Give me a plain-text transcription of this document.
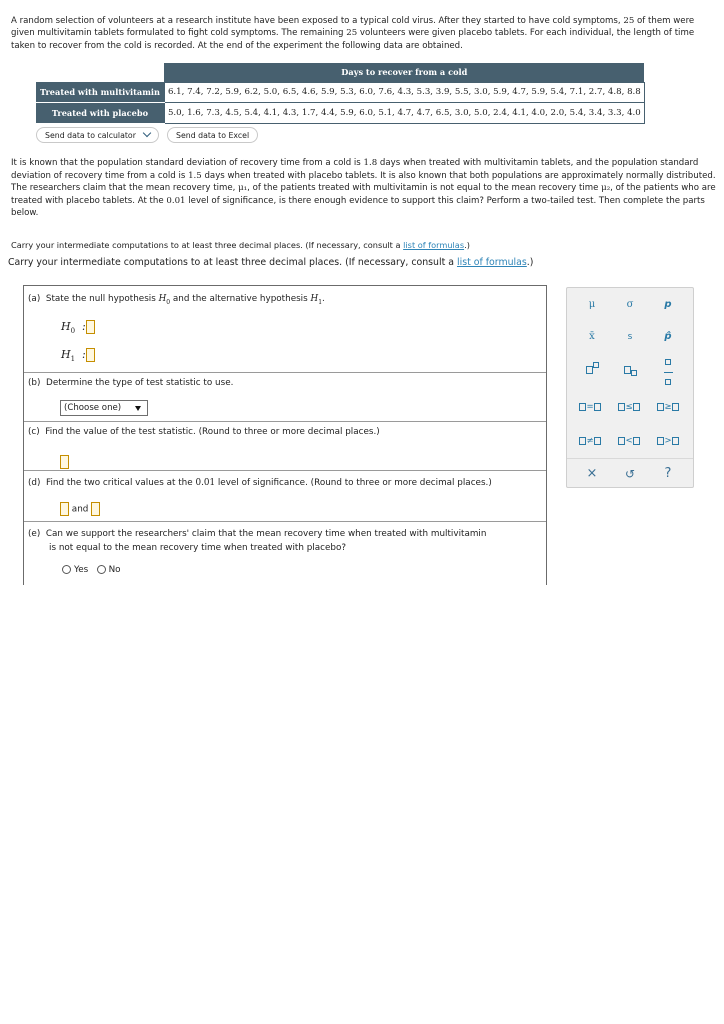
A random selection of volunteers at a research institute have been exposed to a typical cold virus. After they started to have cold symptoms, 25 of them were given multivitamin tablets formulated to fight cold symptoms. The remaining 25 volunteers were given placebo tablets. For each individual, the length of time taken to recover from the cold is recorded. At the end of the experiment the following data are obtained.
	Days to recover from a cold
Treated with multivitamin	6.1, 7.4, 7.2, 5.9, 6.2, 5.0, 6.5, 4.6, 5.9, 5.3, 6.0, 7.6, 4.3, 5.3, 3.9, 5.5, 3.0, 5.9, 4.7, 5.9, 5.4, 7.1, 2.7, 4.8, 8.8
Treated with placebo	5.0, 1.6, 7.3, 4.5, 5.4, 4.1, 4.3, 1.7, 4.4, 5.9, 6.0, 5.1, 4.7, 4.7, 6.5, 3.0, 5.0, 2.4, 4.1, 4.0, 2.0, 5.4, 3.4, 3.3, 4.0
Send data to calculator	Send data to Excel
It is known that the population standard deviation of recovery time from a cold is 1.8 days when treated with multivitamin tablets, and the population standard deviation of recovery time from a cold is 1.5 days when treated with placebo tablets. It is also known that both populations are approximately normally distributed. The researchers claim that the mean recovery time, μ₁, of the patients treated with multivitamin is not equal to the mean recovery time μ₂, of the patients who are treated with placebo tablets. At the 0.01 level of significance, is there enough evidence to support this claim? Perform a two-tailed test. Then complete the parts below.
Carry your intermediate computations to at least three decimal places. (If necessary, consult a list of formulas.)
Carry your intermediate computations to at least three decimal places. (If necessary, consult a list of formulas.)
(a) State the null hypothesis $H_0$ and the alternative hypothesis $H_1$.
$H_0$  :
$H_1$  :
(b) Determine the type of test statistic to use.
(Choose one)
(c) Find the value of the test statistic. (Round to three or more decimal places.)
(d) Find the two critical values at the 0.01 level of significance. (Round to three or more decimal places.)
and
(e) Can we support the researchers' claim that the mean recovery time when treated with multivitamin
is not equal to the mean recovery time when treated with placebo?
Yes No
μ	σ	p
x̄	s	p̂

=	≤	≥
≠	<	>
×	↺	?
